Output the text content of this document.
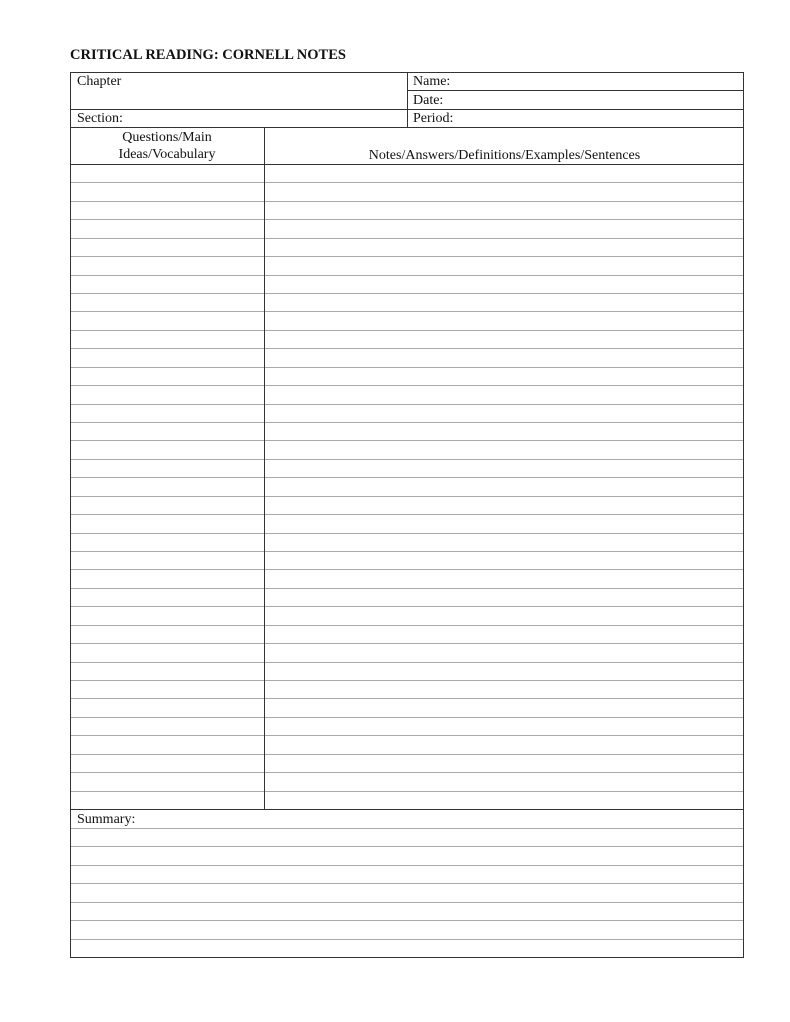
CRITICAL READING: CORNELL NOTES
Chapter
Section:
Name:
Date:
Period:
Questions/Main Ideas/Vocabulary	Notes/Answers/Definitions/Examples/Sentences
Summary:
